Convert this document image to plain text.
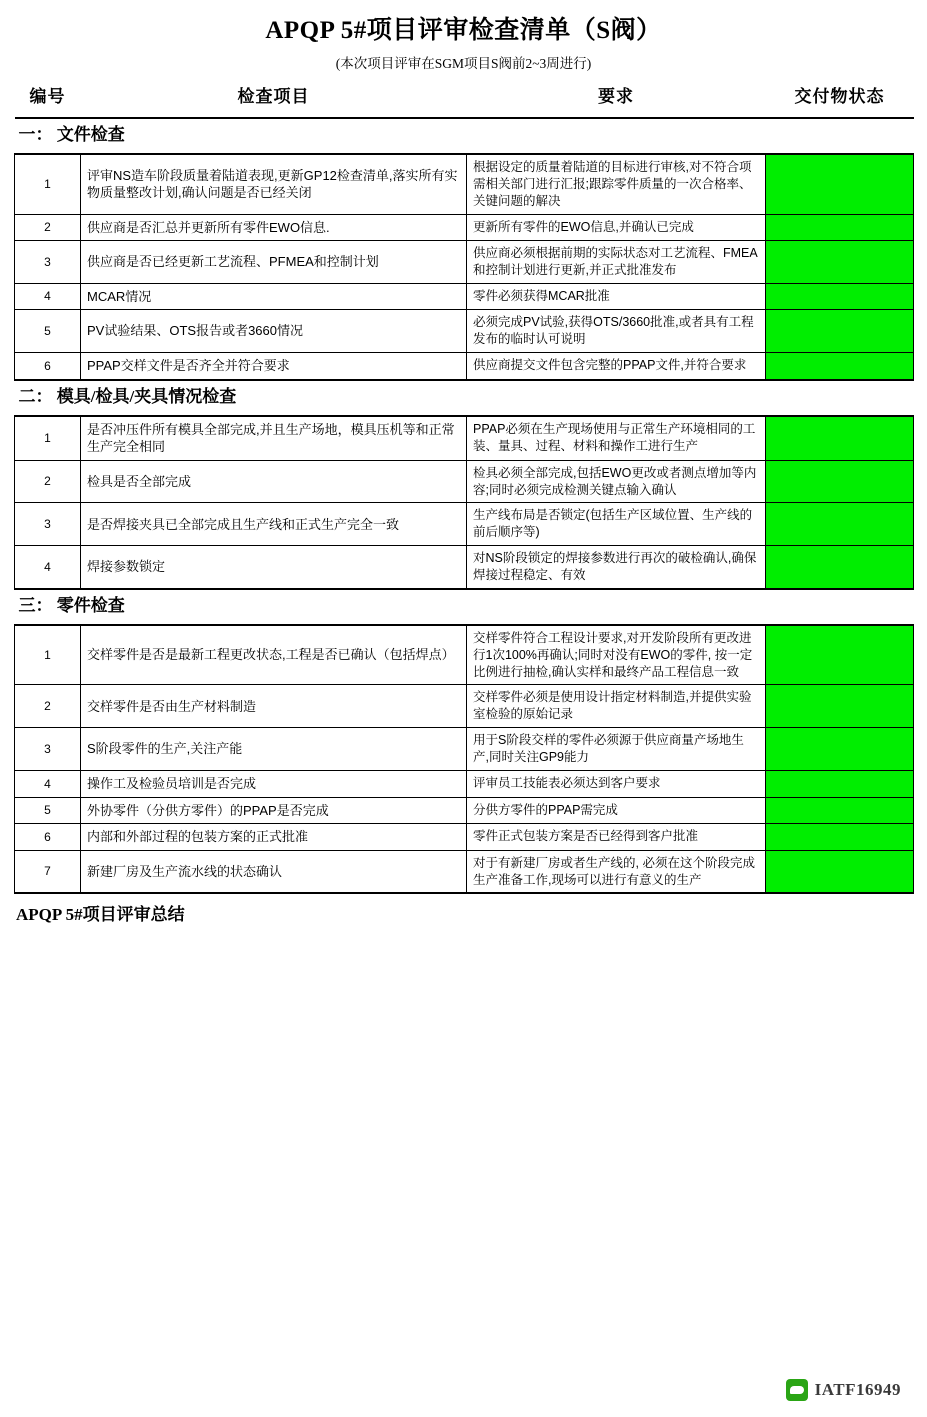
APQP 5#项目评审检查清单（S阀）
(本次项目评审在SGM项目S阀前2~3周进行)
编号	检查项目	要求	交付物状态
一： 文件检查			
1	评审NS造车阶段质量着陆道表现,更新GP12检查清单,落实所有实物质量整改计划,确认问题是否已经关闭	根据设定的质量着陆道的目标进行审核,对不符合项需相关部门进行汇报;跟踪零件质量的一次合格率、关键问题的解决	
2	供应商是否汇总并更新所有零件EWO信息.	更新所有零件的EWO信息,并确认已完成	
3	供应商是否已经更新工艺流程、PFMEA和控制计划	供应商必须根据前期的实际状态对工艺流程、FMEA和控制计划进行更新,并正式批准发布	
4	MCAR情况	零件必须获得MCAR批准	
5	PV试验结果、OTS报告或者3660情况	必须完成PV试验,获得OTS/3660批准,或者具有工程发布的临时认可说明	
6	PPAP交样文件是否齐全并符合要求	供应商提交文件包含完整的PPAP文件,并符合要求	
二： 模具/检具/夹具情况检查			
1	是否冲压件所有模具全部完成,并且生产场地，模具压机等和正常生产完全相同	PPAP必须在生产现场使用与正常生产环境相同的工装、量具、过程、材料和操作工进行生产	
2	检具是否全部完成	检具必须全部完成,包括EWO更改或者测点增加等内容;同时必须完成检测关键点输入确认	
3	是否焊接夹具已全部完成且生产线和正式生产完全一致	生产线布局是否锁定(包括生产区域位置、生产线的前后顺序等)	
4	焊接参数锁定	对NS阶段锁定的焊接参数进行再次的破检确认,确保焊接过程稳定、有效	
三： 零件检查			
1	交样零件是否是最新工程更改状态,工程是否已确认（包括焊点）	交样零件符合工程设计要求,对开发阶段所有更改进行1次100%再确认;同时对没有EWO的零件, 按一定比例进行抽检,确认实样和最终产品工程信息一致	
2	交样零件是否由生产材料制造	交样零件必须是使用设计指定材料制造,并提供实验室检验的原始记录	
3	S阶段零件的生产,关注产能	用于S阶段交样的零件必须源于供应商量产场地生产,同时关注GP9能力	
4	操作工及检验员培训是否完成	评审员工技能表必须达到客户要求	
5	外协零件（分供方零件）的PPAP是否完成	分供方零件的PPAP需完成	
6	内部和外部过程的包装方案的正式批准	零件正式包装方案是否已经得到客户批准	
7	新建厂房及生产流水线的状态确认	对于有新建厂房或者生产线的, 必须在这个阶段完成生产准备工作,现场可以进行有意义的生产	
APQP 5#项目评审总结
IATF16949
